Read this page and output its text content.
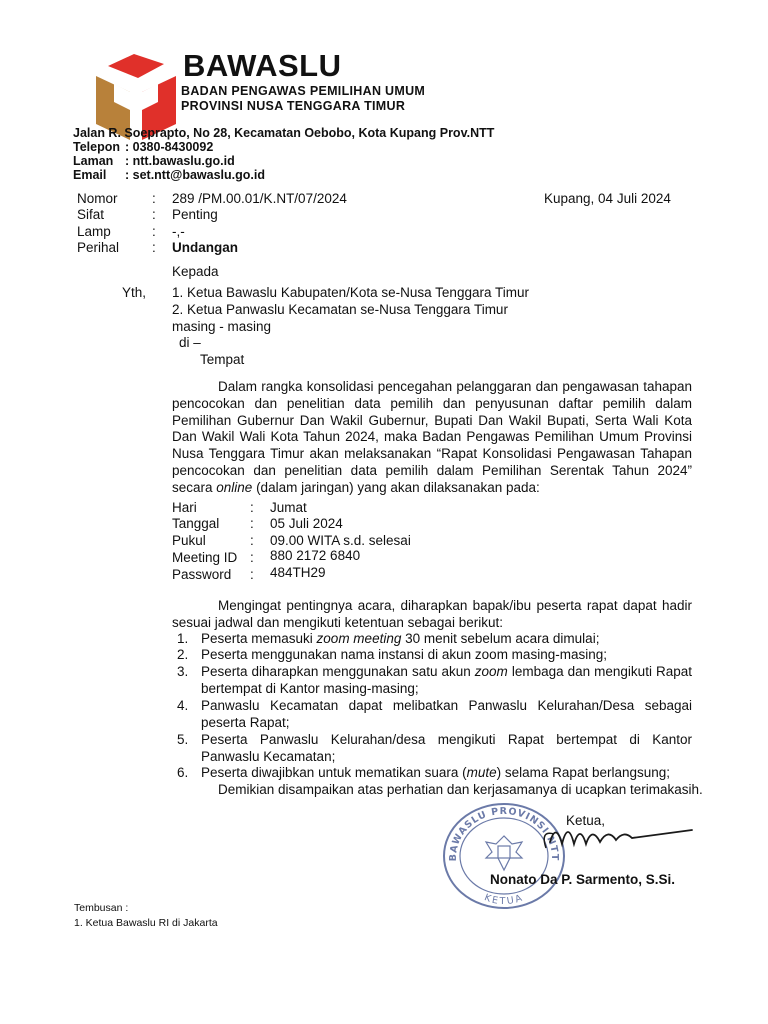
BAWASLU
BADAN PENGAWAS PEMILIHAN UMUM
PROVINSI NUSA TENGGARA TIMUR
Jalan R. Soeprapto, No 28, Kecamatan Oebobo, Kota Kupang Prov.NTT
Telepon : 0380-8430092
Laman : ntt.bawaslu.go.id
Email : set.ntt@bawaslu.go.id
Nomor	: 289 /PM.00.01/K.NT/07/2024	Kupang, 04 Juli 2024
Sifat	: Penting
Lamp	: -,-
Perihal : Undangan
Kepada
Yth, 1. Ketua Bawaslu Kabupaten/Kota se-Nusa Tenggara Timur
2. Ketua Panwaslu Kecamatan se-Nusa Tenggara Timur
masing - masing
di –
Tempat

Dalam rangka konsolidasi pencegahan pelanggaran dan pengawasan tahapan pencocokan dan penelitian data pemilih dan penyusunan daftar pemilih dalam Pemilihan Gubernur Dan Wakil Gubernur, Bupati Dan Wakil Bupati, Serta Wali Kota Dan Wakil Wali Kota Tahun 2024, maka Badan Pengawas Pemilihan Umum Provinsi Nusa Tenggara Timur akan melaksanakan “Rapat Konsolidasi Pengawasan Tahapan pencocokan dan penelitian data pemilih dalam Pemilihan Serentak Tahun 2024” secara online (dalam jaringan) yang akan dilaksanakan pada:

Hari	: Jumat
Tanggal : 05 Juli 2024
Pukul	: 09.00 WITA s.d. selesai
Meeting ID : 880 2172 6840
Password : 484TH29

Mengingat pentingnya acara, diharapkan bapak/ibu peserta rapat dapat hadir sesuai jadwal dan mengikuti ketentuan sebagai berikut:

1. Peserta memasuki zoom meeting 30 menit sebelum acara dimulai;
2. Peserta menggunakan nama instansi di akun zoom masing-masing;
3. Peserta diharapkan menggunakan satu akun zoom lembaga dan mengikuti Rapat bertempat di Kantor masing-masing;
4. Panwaslu Kecamatan dapat melibatkan Panwaslu Kelurahan/Desa sebagai peserta Rapat;
5. Peserta Panwaslu Kelurahan/desa mengikuti Rapat bertempat di Kantor Panwaslu Kecamatan;
6. Peserta diwajibkan untuk mematikan suara (mute) selama Rapat berlangsung;
Demikian disampaikan atas perhatian dan kerjasamanya di ucapkan terimakasih.
BAWASLU PROVINSI NTT
KETUA
Ketua,
Nonato Da P. Sarmento, S.Si.
Tembusan :
1. Ketua Bawaslu RI di Jakarta
